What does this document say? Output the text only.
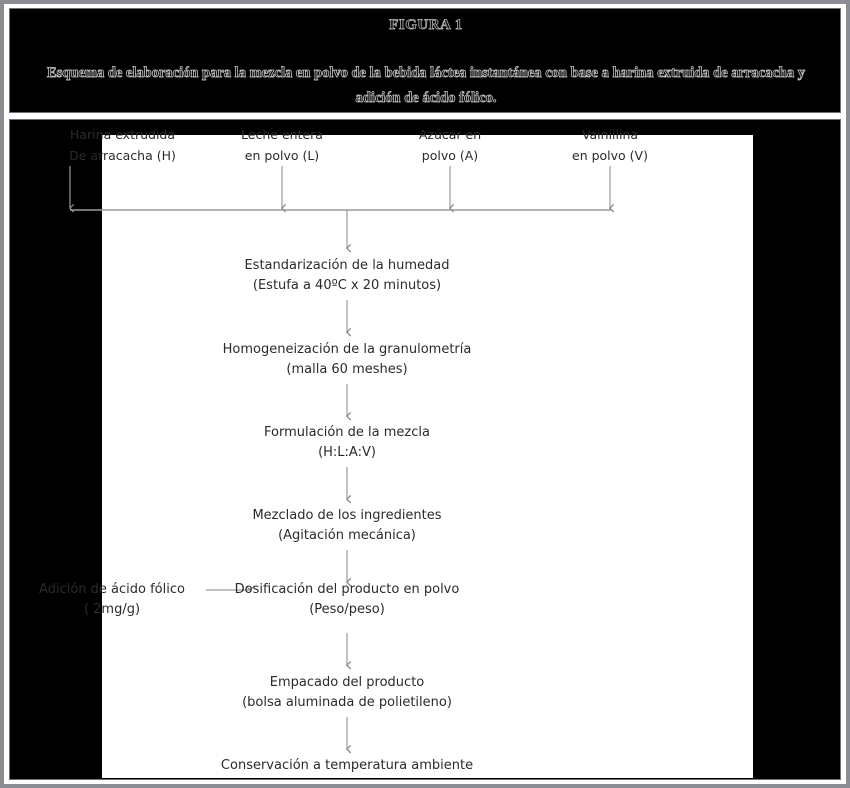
FIGURA 1
Esquema de elaboración para la mezcla en polvo de la bebida láctea instantánea con base a harina extruida de arracacha y adición de ácido fólico.
Harina extrudida
De arracacha (H)
Leche entera
en polvo (L)
Azúcar en
polvo (A)
Vainillina
en polvo (V)
Estandarización de la humedad
(Estufa a 40ºC x 20 minutos)
Homogeneización de la granulometría
(malla 60 meshes)
Formulación de la mezcla
(H:L:A:V)
Mezclado de los ingredientes
(Agitación mecánica)
Adición de ácido fólico
( 2mg/g)
Dosificación del producto en polvo
(Peso/peso)
Empacado del producto
(bolsa aluminada de polietileno)
Conservación a temperatura ambiente
